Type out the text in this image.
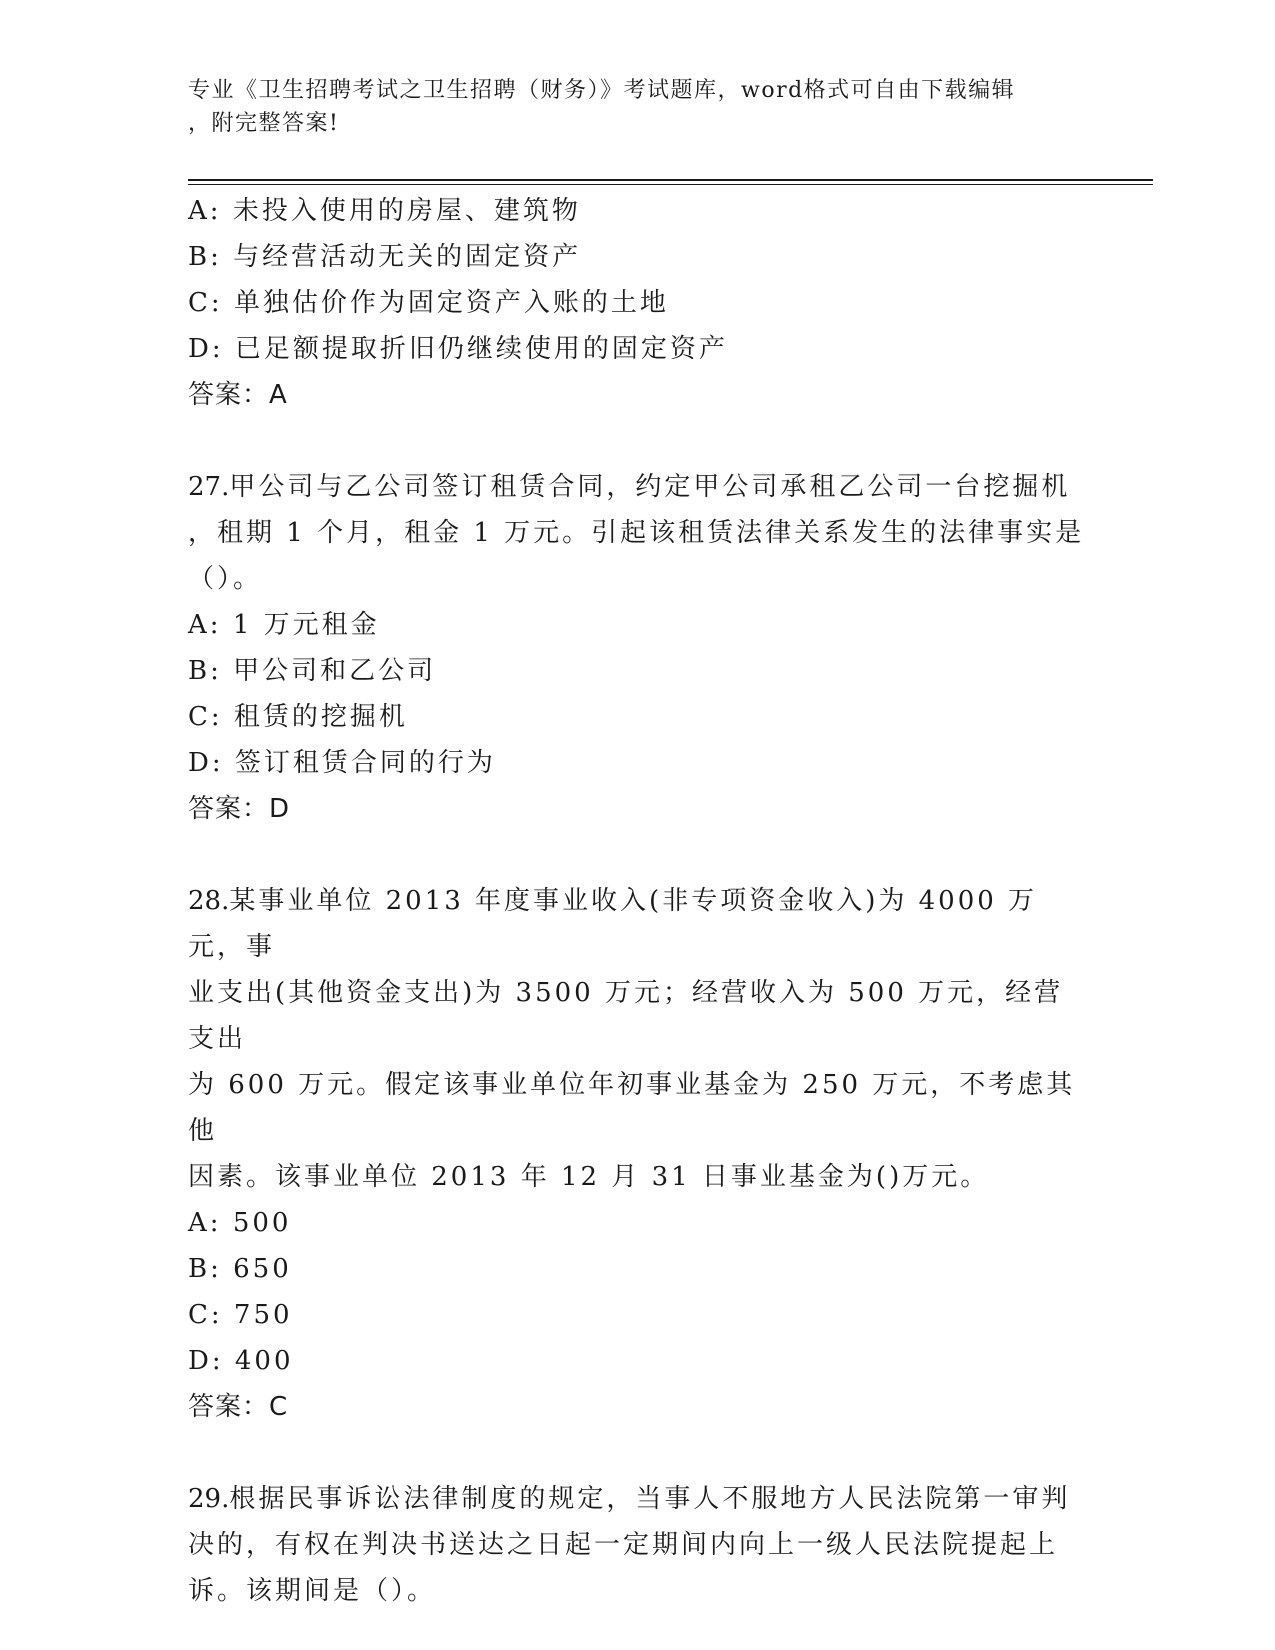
专业《卫生招聘考试之卫生招聘（财务）》考试题库，word格式可自由下载编辑
，附完整答案!
A: 未投入使用的房屋、建筑物
B: 与经营活动无关的固定资产
C: 单独估价作为固定资产入账的土地
D: 已足额提取折旧仍继续使用的固定资产
答案：A
27.甲公司与乙公司签订租赁合同，约定甲公司承租乙公司一台挖掘机
，租期 1 个月，租金 1 万元。引起该租赁法律关系发生的法律事实是
（）。
A: 1 万元租金
B: 甲公司和乙公司
C: 租赁的挖掘机
D: 签订租赁合同的行为
答案：D
28.某事业单位 2013 年度事业收入(非专项资金收入)为 4000 万元，事
业支出(其他资金支出)为 3500 万元；经营收入为 500 万元，经营支出
为 600 万元。假定该事业单位年初事业基金为 250 万元，不考虑其他
因素。该事业单位 2013 年 12 月 31 日事业基金为()万元。
A: 500
B: 650
C: 750
D: 400
答案：C
29.根据民事诉讼法律制度的规定，当事人不服地方人民法院第一审判
决的，有权在判决书送达之日起一定期间内向上一级人民法院提起上
诉。该期间是（）。
